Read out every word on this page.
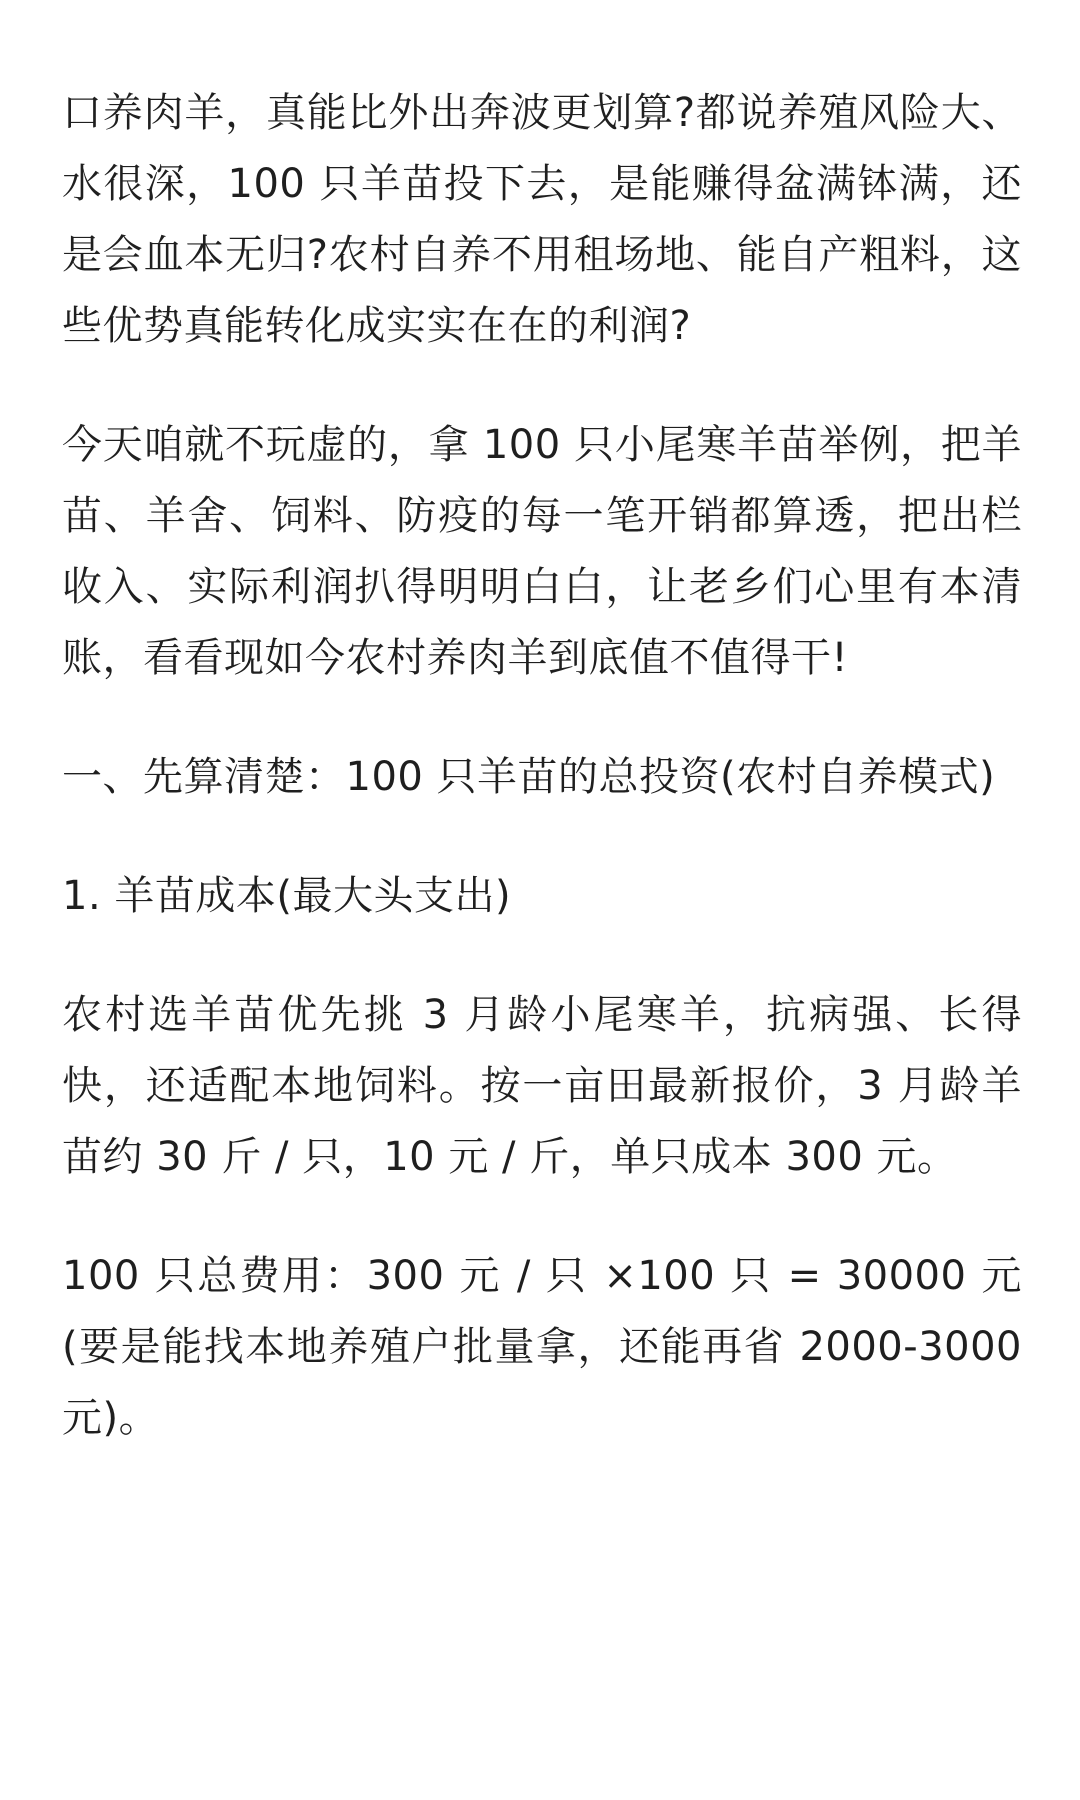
口养肉羊，真能比外出奔波更划算?都说养殖风险大、水很深，100 只羊苗投下去，是能赚得盆满钵满，还是会血本无归?农村自养不用租场地、能自产粗料，这些优势真能转化成实实在在的利润?

今天咱就不玩虚的，拿 100 只小尾寒羊苗举例，把羊苗、羊舍、饲料、防疫的每一笔开销都算透，把出栏收入、实际利润扒得明明白白，让老乡们心里有本清账，看看现如今农村养肉羊到底值不值得干!

一、先算清楚：100 只羊苗的总投资(农村自养模式)

1. 羊苗成本(最大头支出)

农村选羊苗优先挑 3 月龄小尾寒羊，抗病强、长得快，还适配本地饲料。按一亩田最新报价，3 月龄羊苗约 30 斤 / 只，10 元 / 斤，单只成本 300 元。

100 只总费用：300 元 / 只 ×100 只 = 30000 元(要是能找本地养殖户批量拿，还能再省 2000-3000 元)。
